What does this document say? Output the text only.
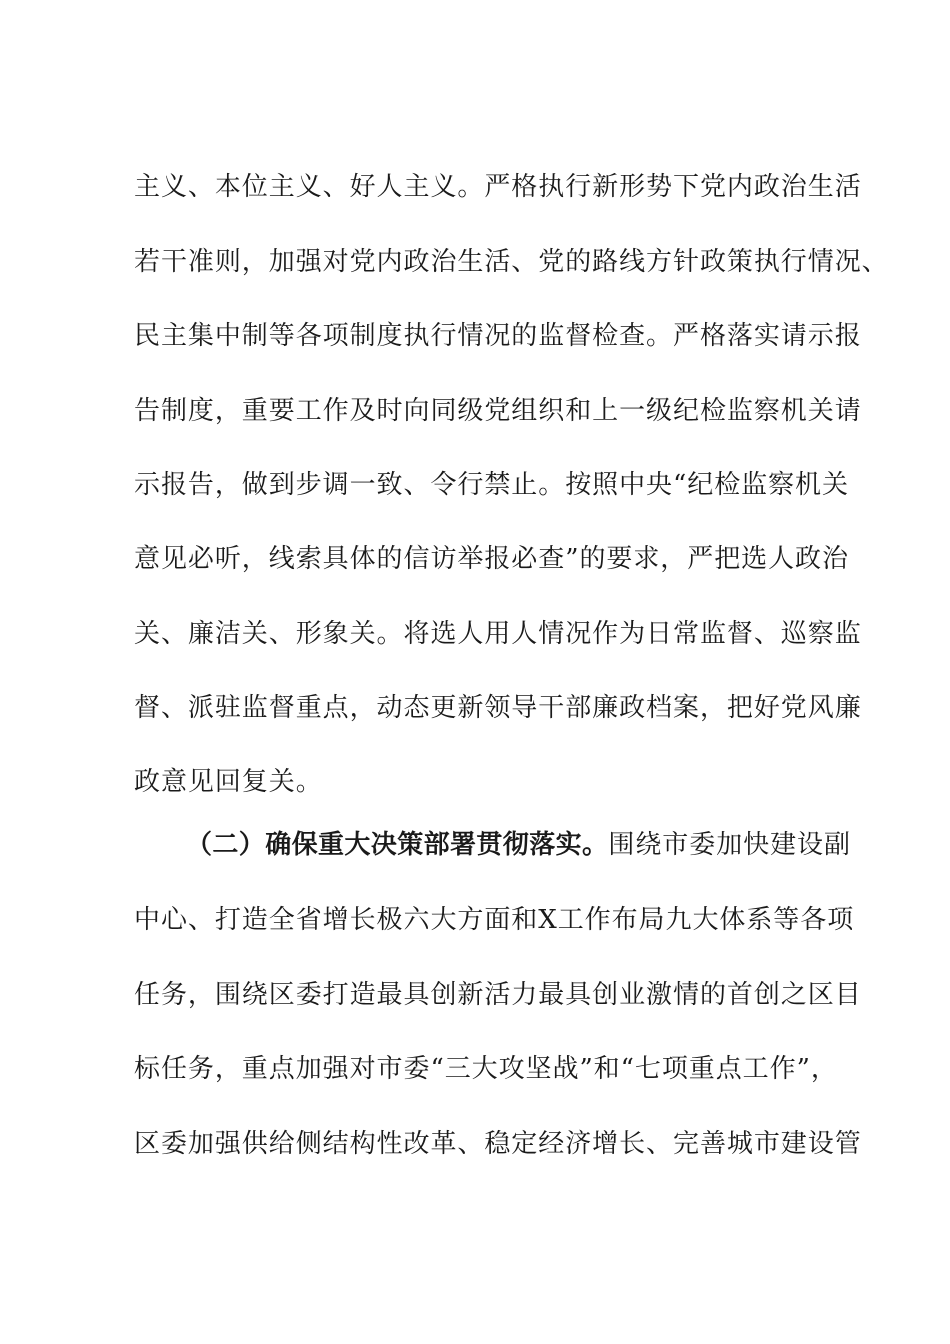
主义、本位主义、好人主义。严格执行新形势下党内政治生活
若干准则，加强对党内政治生活、党的路线方针政策执行情况、
民主集中制等各项制度执行情况的监督检查。严格落实请示报
告制度，重要工作及时向同级党组织和上一级纪检监察机关请
示报告，做到步调一致、令行禁止。按照中央“纪检监察机关
意见必听，线索具体的信访举报必查”的要求，严把选人政治
关、廉洁关、形象关。将选人用人情况作为日常监督、巡察监
督、派驻监督重点，动态更新领导干部廉政档案，把好党风廉
政意见回复关。
（二）确保重大决策部署贯彻落实。围绕市委加快建设副
中心、打造全省增长极六大方面和X工作布局九大体系等各项
任务，围绕区委打造最具创新活力最具创业激情的首创之区目
标任务，重点加强对市委“三大攻坚战”和“七项重点工作”，
区委加强供给侧结构性改革、稳定经济增长、完善城市建设管
